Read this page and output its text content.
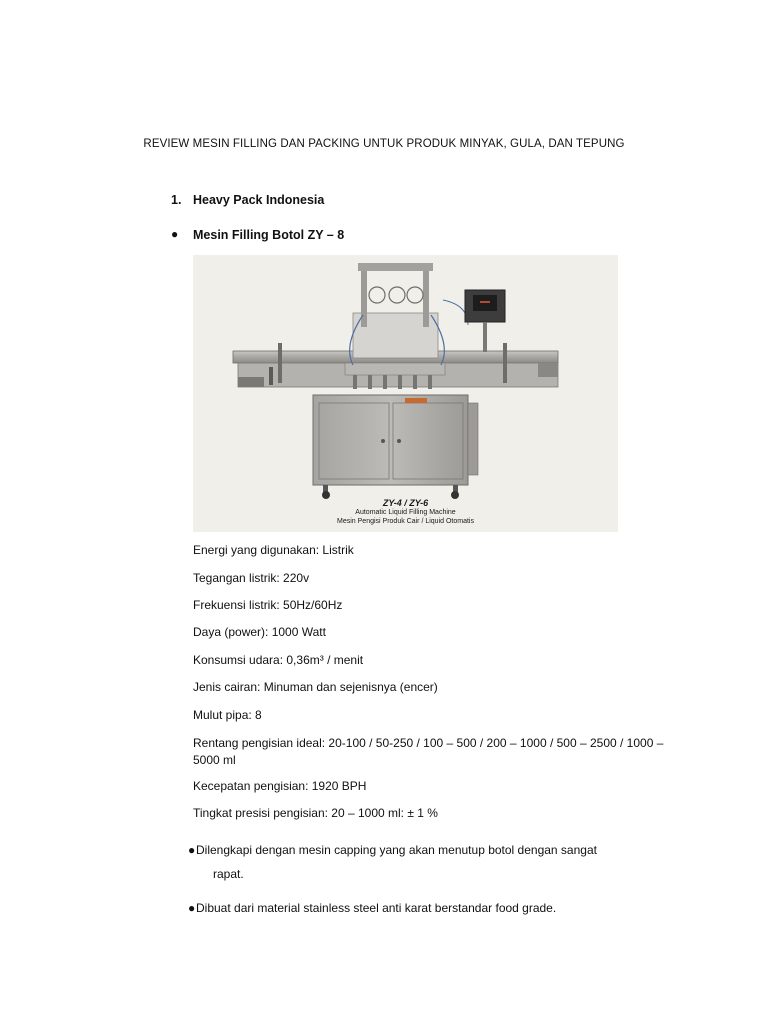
REVIEW MESIN FILLING DAN PACKING UNTUK PRODUK MINYAK, GULA, DAN TEPUNG
1. Heavy Pack Indonesia
● Mesin Filling Botol ZY – 8
ZY-4 / ZY-6
Automatic Liquid Filling Machine
Mesin Pengisi Produk Cair / Liquid Otomatis
Energi yang digunakan: Listrik
Tegangan listrik: 220v
Frekuensi listrik: 50Hz/60Hz
Daya (power): 1000 Watt
Konsumsi udara: 0,36m³ / menit
Jenis cairan: Minuman dan sejenisnya (encer)
Mulut pipa: 8
Rentang pengisian ideal: 20-100 / 50-250 / 100 – 500 / 200 – 1000 / 500 – 2500 / 1000 – 5000 ml
Kecepatan pengisian: 1920 BPH
Tingkat presisi pengisian: 20 – 1000 ml: ± 1 %
● Dilengkapi dengan mesin capping yang akan menutup botol dengan sangat
rapat.
● Dibuat dari material stainless steel anti karat berstandar food grade.
